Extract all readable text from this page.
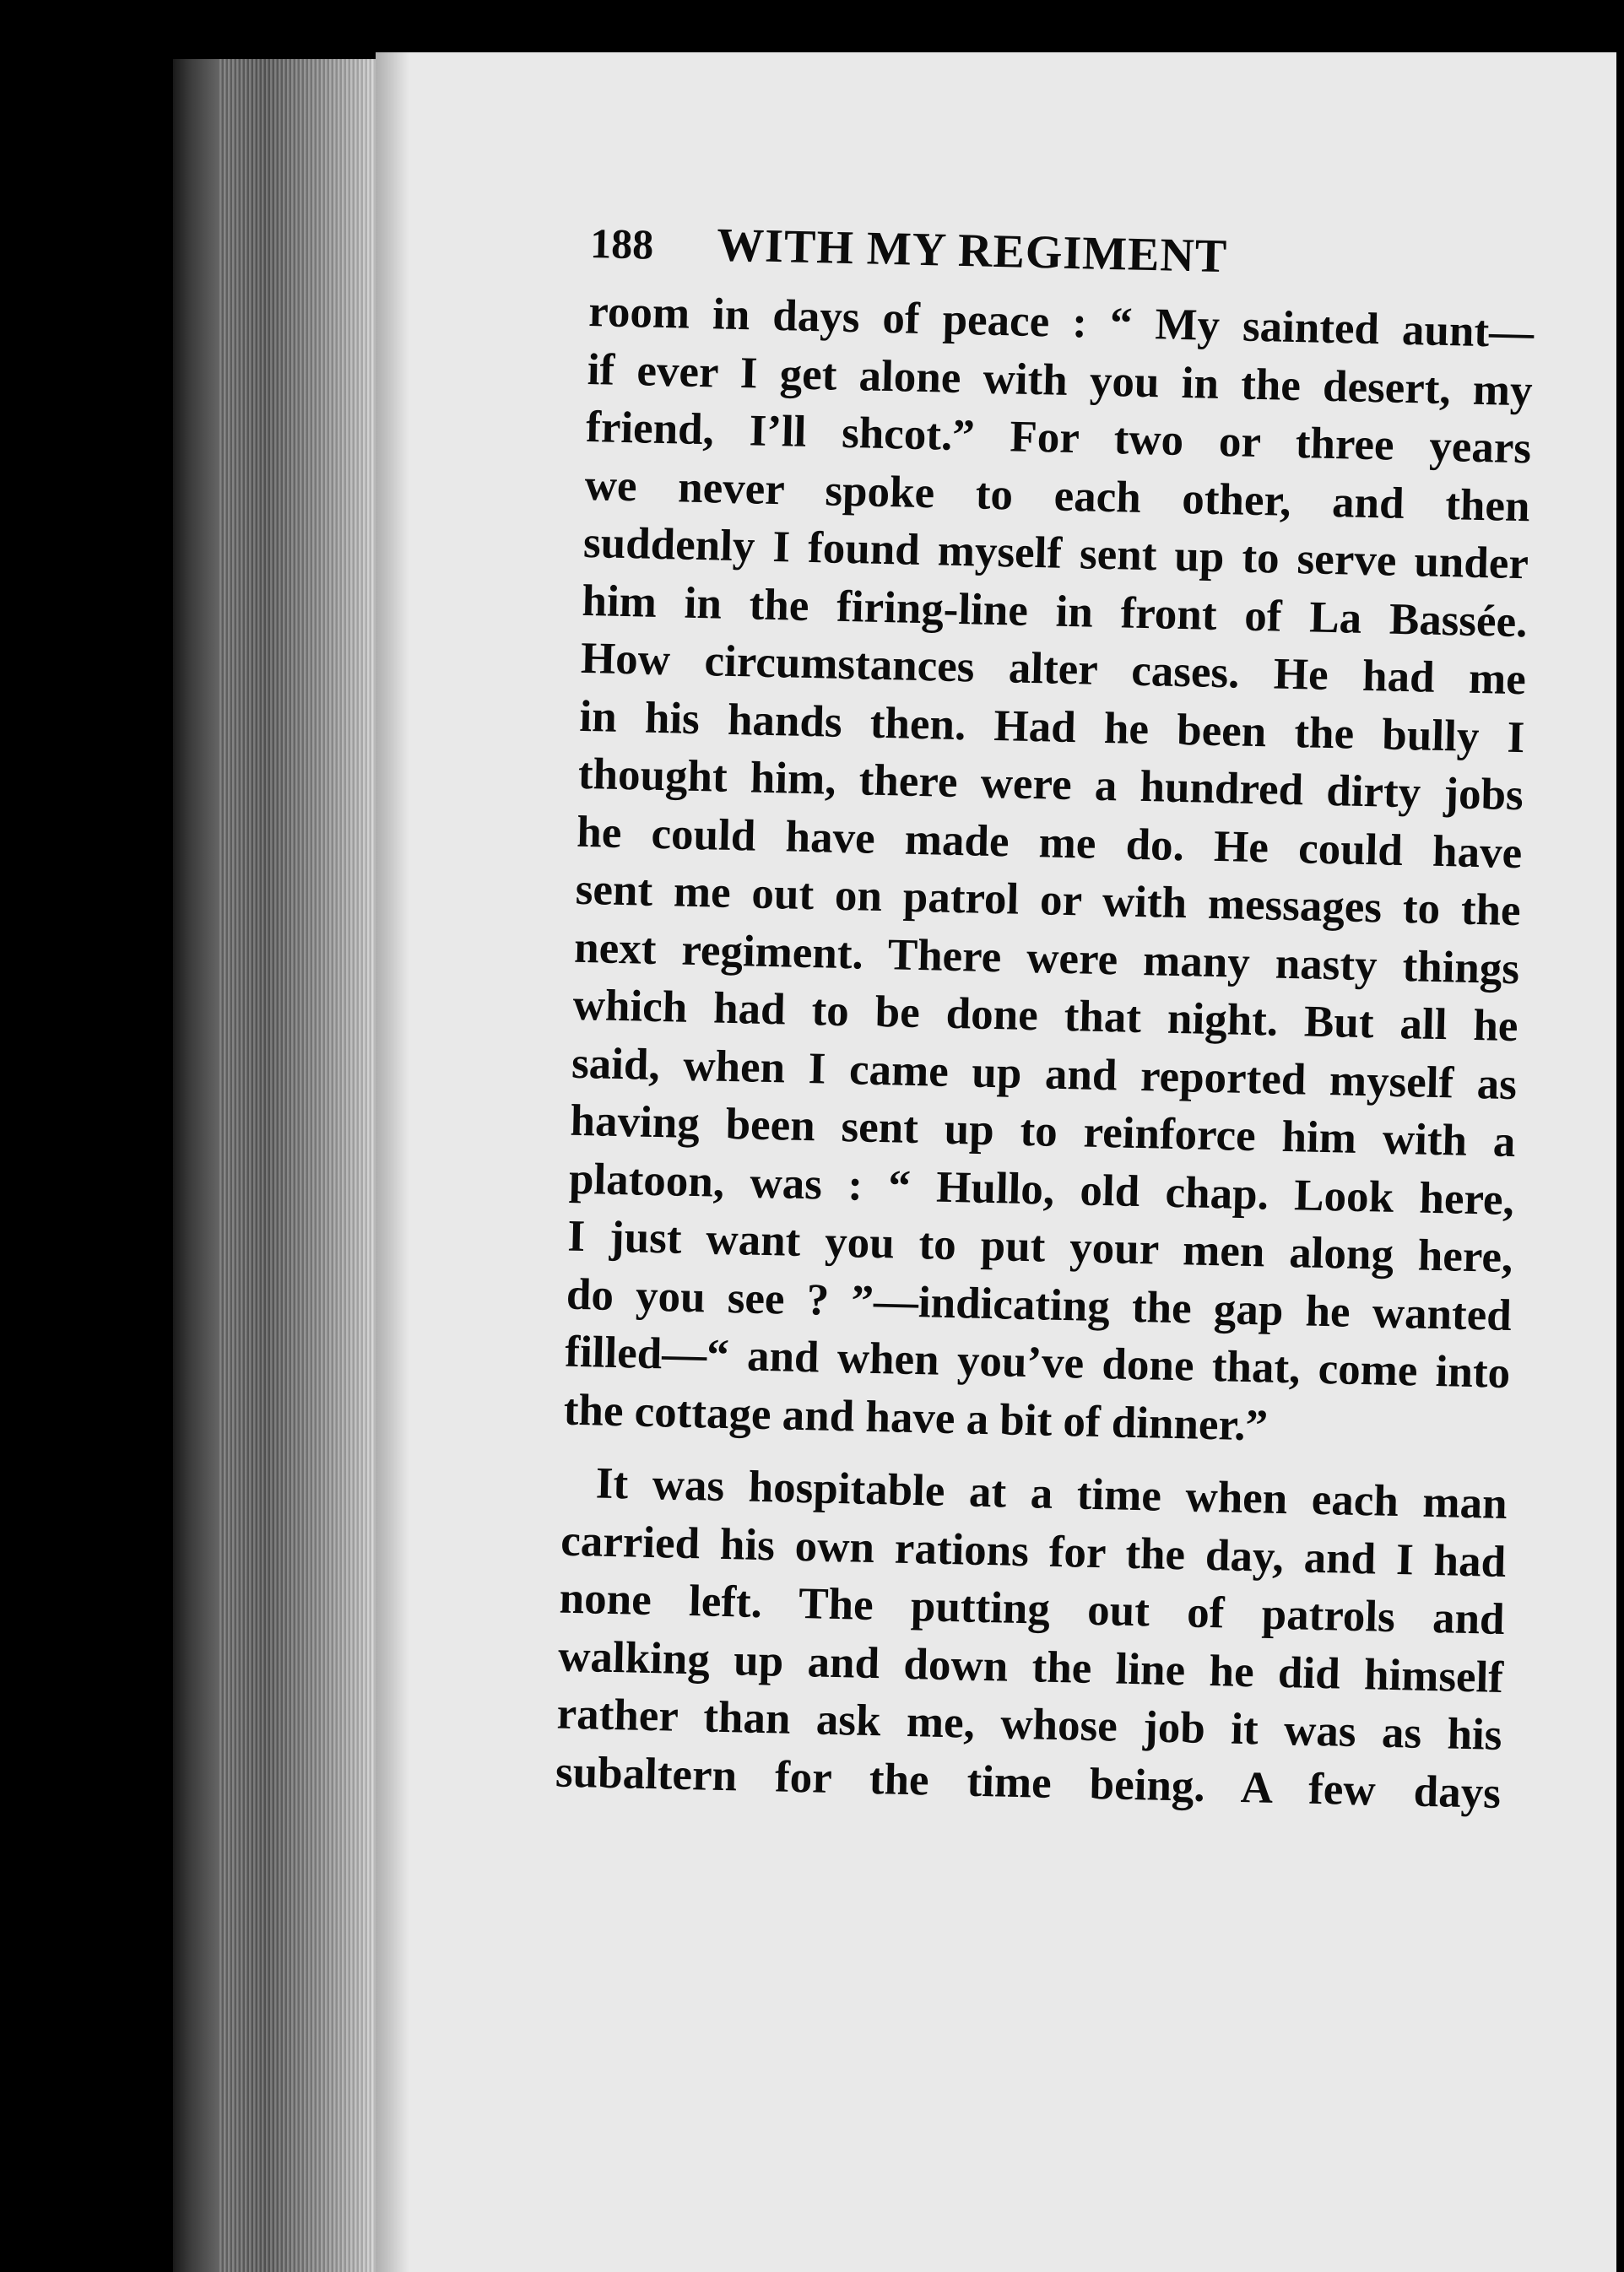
188	WITH MY REGIMENT
room in days of peace : “ My sainted aunt—
if ever I get alone with you in the desert, my
friend, I’ll shcot.” For two or three years
we never spoke to each other, and then
suddenly I found myself sent up to serve under
him in the firing-line in front of La Bassée.
How circumstances alter cases. He had me
in his hands then. Had he been the bully I
thought him, there were a hundred dirty jobs
he could have made me do. He could have
sent me out on patrol or with messages to the
next regiment. There were many nasty things
which had to be done that night. But all he
said, when I came up and reported myself as
having been sent up to reinforce him with a
platoon, was : “ Hullo, old chap. Look here,
I just want you to put your men along here,
do you see ? ”—indicating the gap he wanted
filled—“ and when you’ve done that, come into
the cottage and have a bit of dinner.”
It was hospitable at a time when each man
carried his own rations for the day, and I had
none left. The putting out of patrols and
walking up and down the line he did himself
rather than ask me, whose job it was as his
subaltern for the time being. A few days
